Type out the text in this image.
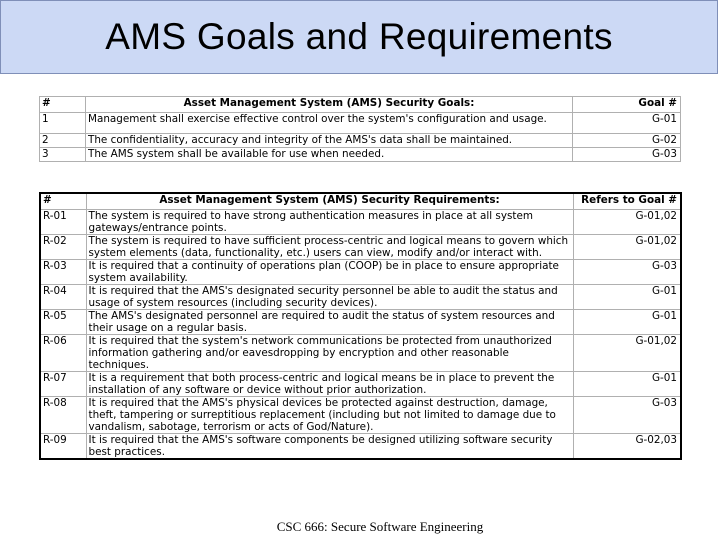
AMS Goals and Requirements
#	Asset Management System (AMS) Security Goals:	Goal #
1	Management shall exercise effective control over the system's configuration and usage.	G-01
2	The confidentiality, accuracy and integrity of the AMS's data shall be maintained.	G-02
3	The AMS system shall be available for use when needed.	G-03
#	Asset Management System (AMS) Security Requirements:	Refers to Goal #
R-01	The system is required to have strong authentication measures in place at all system gateways/entrance points.	G-01,02
R-02	The system is required to have sufficient process-centric and logical means to govern which system elements (data, functionality, etc.) users can view, modify and/or interact with.	G-01,02
R-03	It is required that a continuity of operations plan (COOP) be in place to ensure appropriate system availability.	G-03
R-04	It is required that the AMS's designated security personnel be able to audit the status and usage of system resources (including security devices).	G-01
R-05	The AMS's designated personnel are required to audit the status of system resources and their usage on a regular basis.	G-01
R-06	It is required that the system's network communications be protected from unauthorized information gathering and/or eavesdropping by encryption and other reasonable techniques.	G-01,02
R-07	It is a requirement that both process-centric and logical means be in place to prevent the installation of any software or device without prior authorization.	G-01
R-08	It is required that the AMS's physical devices be protected against destruction, damage, theft, tampering or surreptitious replacement (including but not limited to damage due to vandalism, sabotage, terrorism or acts of God/Nature).	G-03
R-09	It is required that the AMS's software components be designed utilizing software security best practices.	G-02,03
CSC 666: Secure Software Engineering
